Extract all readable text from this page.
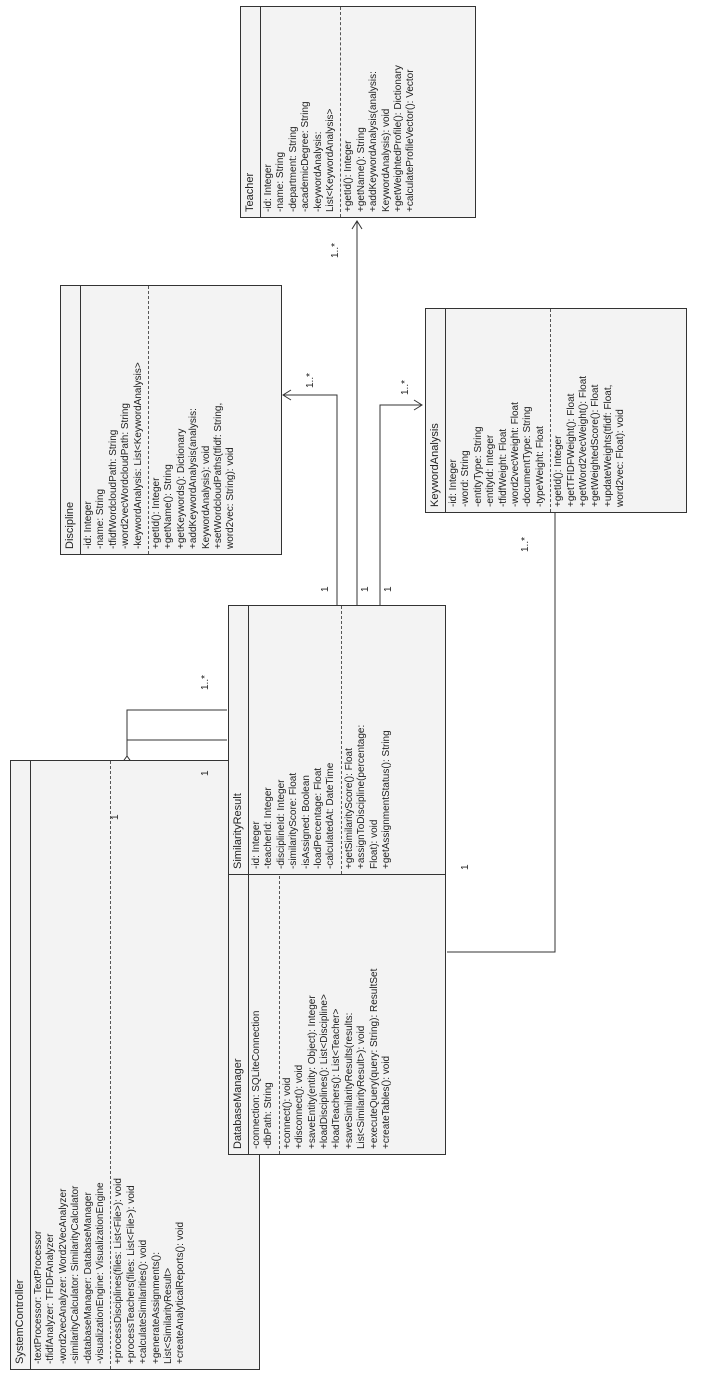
SystemController -textProcessor: TextProcessor -tfidfAnalyzer: TFIDFAnalyzer -word2vecAnalyzer: Word2VecAnalyzer -similarityCalculator: SimilarityCalculator -databaseManager: DatabaseManager -visualizationEngine: VisualizationEngine +processDisciplines(files: List<File>): void +processTeachers(files: List<File>): void +calculateSimilarities(): void +generateAssignments(): List<SimilarityResult> +createAnalyticalReports(): void
DatabaseManager -connection: SQLiteConnection -dbPath: String +connect(): void +disconnect(): void +saveEntity(entity: Object): Integer +loadDisciplines(): List<Discipline> +loadTeachers(): List<Teacher> +saveSimilarityResults(results: List<SimilarityResult>): void +executeQuery(query: String): ResultSet +createTables(): void
SimilarityResult -id: Integer -teacherId: Integer -disciplineId: Integer -similarityScore: Float -isAssigned: Boolean -loadPercentage: Float -calculatedAt: DateTime +getSimilarityScore(): Float +assignToDiscipline(percentage: Float): void +getAssignmentStatus(): String
Discipline -id: Integer -name: String -tfidfWordcloudPath: String -word2vecWordcloudPath: String -keywordAnalysis: List<KeywordAnalysis> +getId(): Integer +getName(): String +getKeywords(): Dictionary +addKeywordAnalysis(analysis: KeywordAnalysis): void +setWordcloudPaths(tfidf: String, word2vec: String): void	KeywordAnalysis -id: Integer -word: String -entityType: String -entityId: Integer -tfidfWeight: Float -word2vecWeight: Float -documentType: String -typeWeight: Float +getId(): Integer +getTFIDFWeight(): Float +getWord2VecWeight(): Float +getWeightedScore(): Float +updateWeights(tfidf: Float, word2vec: Float): void
Teacher -id: Integer -name: String -department: String -academicDegree: String -keywordAnalysis: List<KeywordAnalysis> +getId(): Integer +getName(): String +addKeywordAnalysis(analysis: KeywordAnalysis): void +getWeightedProfile(): Dictionary +calculateProfileVector(): Vector
1
1
1..*
1
1..*
1
1..*
1
1..*
1
1..*
